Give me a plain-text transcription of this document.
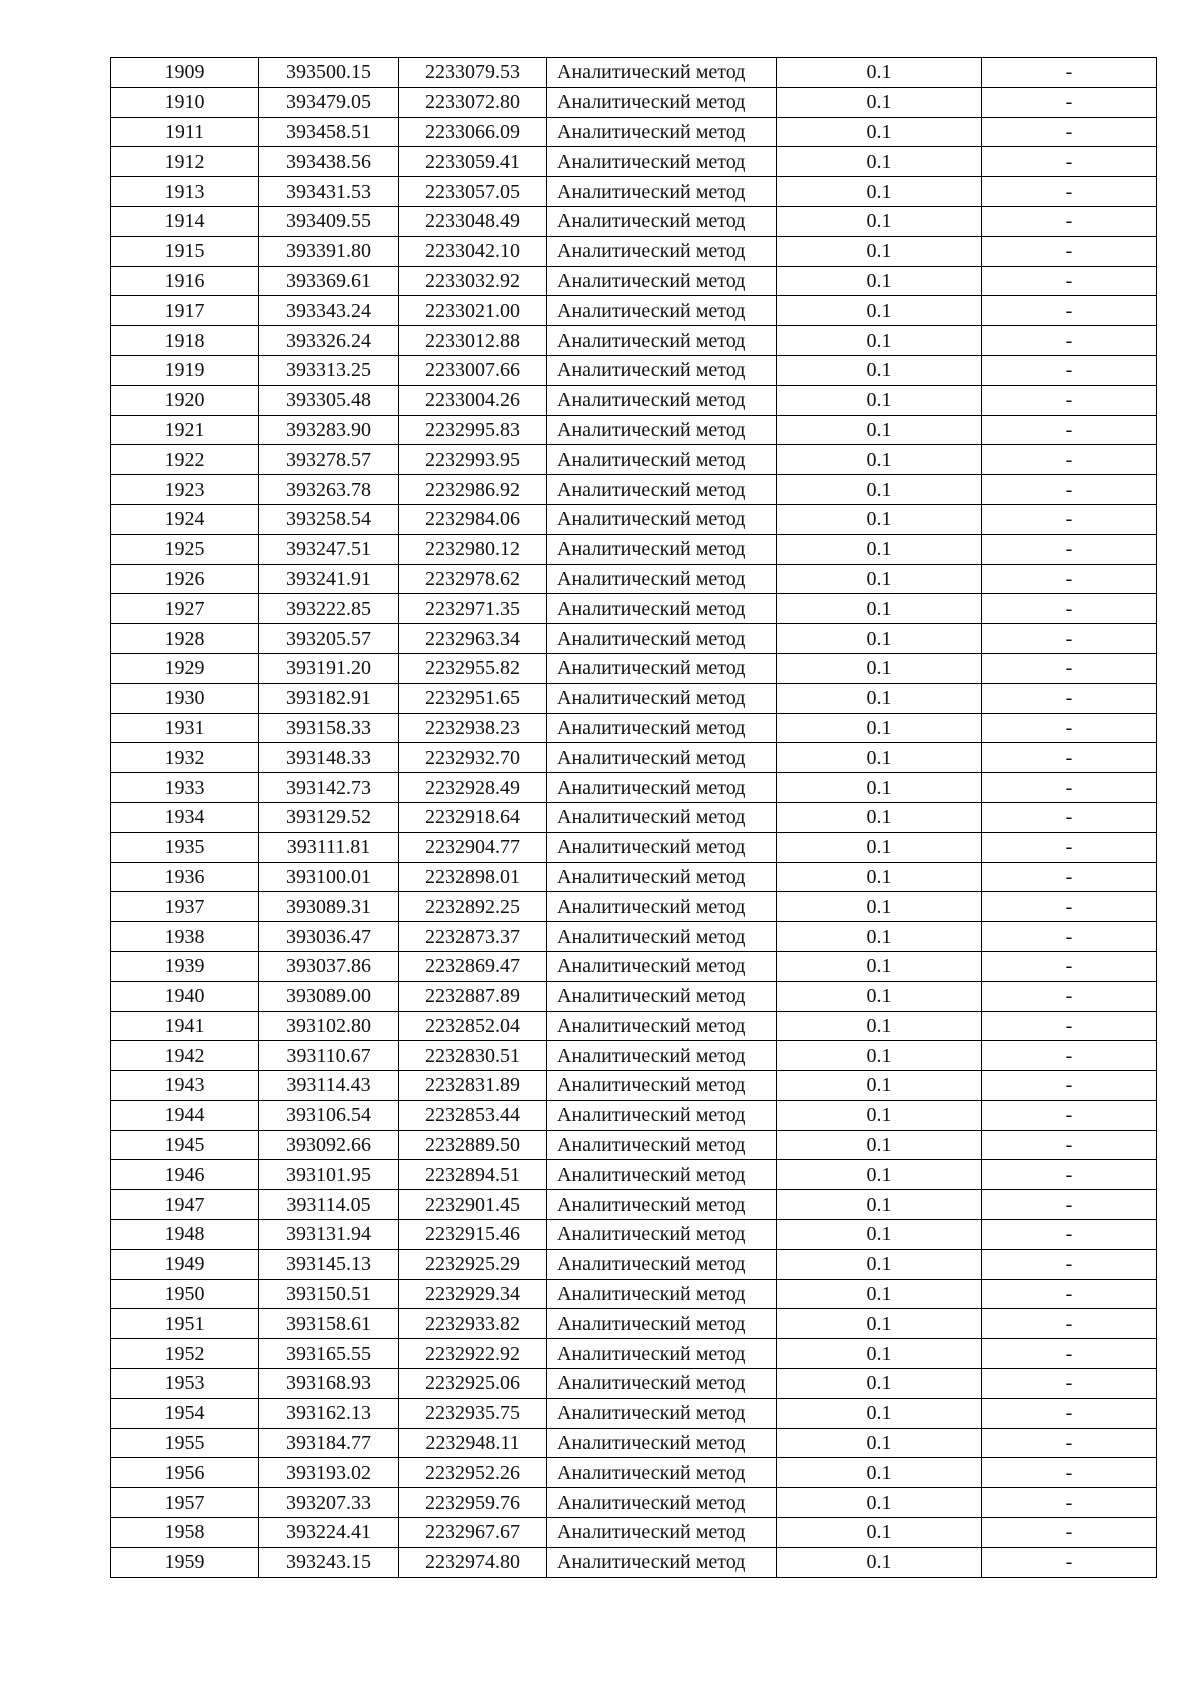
1909	393500.15	2233079.53	Аналитический метод	0.1	-
1910	393479.05	2233072.80	Аналитический метод	0.1	-
1911	393458.51	2233066.09	Аналитический метод	0.1	-
1912	393438.56	2233059.41	Аналитический метод	0.1	-
1913	393431.53	2233057.05	Аналитический метод	0.1	-
1914	393409.55	2233048.49	Аналитический метод	0.1	-
1915	393391.80	2233042.10	Аналитический метод	0.1	-
1916	393369.61	2233032.92	Аналитический метод	0.1	-
1917	393343.24	2233021.00	Аналитический метод	0.1	-
1918	393326.24	2233012.88	Аналитический метод	0.1	-
1919	393313.25	2233007.66	Аналитический метод	0.1	-
1920	393305.48	2233004.26	Аналитический метод	0.1	-
1921	393283.90	2232995.83	Аналитический метод	0.1	-
1922	393278.57	2232993.95	Аналитический метод	0.1	-
1923	393263.78	2232986.92	Аналитический метод	0.1	-
1924	393258.54	2232984.06	Аналитический метод	0.1	-
1925	393247.51	2232980.12	Аналитический метод	0.1	-
1926	393241.91	2232978.62	Аналитический метод	0.1	-
1927	393222.85	2232971.35	Аналитический метод	0.1	-
1928	393205.57	2232963.34	Аналитический метод	0.1	-
1929	393191.20	2232955.82	Аналитический метод	0.1	-
1930	393182.91	2232951.65	Аналитический метод	0.1	-
1931	393158.33	2232938.23	Аналитический метод	0.1	-
1932	393148.33	2232932.70	Аналитический метод	0.1	-
1933	393142.73	2232928.49	Аналитический метод	0.1	-
1934	393129.52	2232918.64	Аналитический метод	0.1	-
1935	393111.81	2232904.77	Аналитический метод	0.1	-
1936	393100.01	2232898.01	Аналитический метод	0.1	-
1937	393089.31	2232892.25	Аналитический метод	0.1	-
1938	393036.47	2232873.37	Аналитический метод	0.1	-
1939	393037.86	2232869.47	Аналитический метод	0.1	-
1940	393089.00	2232887.89	Аналитический метод	0.1	-
1941	393102.80	2232852.04	Аналитический метод	0.1	-
1942	393110.67	2232830.51	Аналитический метод	0.1	-
1943	393114.43	2232831.89	Аналитический метод	0.1	-
1944	393106.54	2232853.44	Аналитический метод	0.1	-
1945	393092.66	2232889.50	Аналитический метод	0.1	-
1946	393101.95	2232894.51	Аналитический метод	0.1	-
1947	393114.05	2232901.45	Аналитический метод	0.1	-
1948	393131.94	2232915.46	Аналитический метод	0.1	-
1949	393145.13	2232925.29	Аналитический метод	0.1	-
1950	393150.51	2232929.34	Аналитический метод	0.1	-
1951	393158.61	2232933.82	Аналитический метод	0.1	-
1952	393165.55	2232922.92	Аналитический метод	0.1	-
1953	393168.93	2232925.06	Аналитический метод	0.1	-
1954	393162.13	2232935.75	Аналитический метод	0.1	-
1955	393184.77	2232948.11	Аналитический метод	0.1	-
1956	393193.02	2232952.26	Аналитический метод	0.1	-
1957	393207.33	2232959.76	Аналитический метод	0.1	-
1958	393224.41	2232967.67	Аналитический метод	0.1	-
1959	393243.15	2232974.80	Аналитический метод	0.1	-
